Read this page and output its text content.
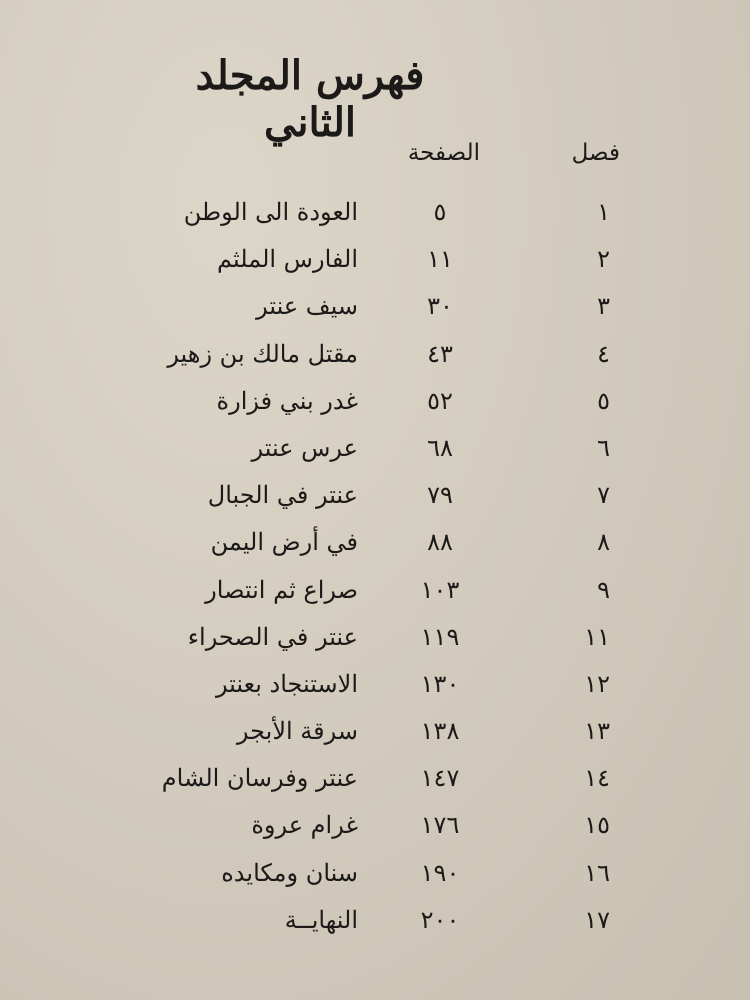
فهرس المجلد الثاني
فصل
الصفحة
١
٥
العودة الى الوطن
٢
١١
الفارس الملثم
٣
٣٠
سيف عنتر
٤
٤٣
مقتل مالك بن زهير
٥
٥٢
غدر بني فزارة
٦
٦٨
عرس عنتر
٧
٧٩
عنتر في الجبال
٨
٨٨
في أرض اليمن
٩
١٠٣
صراع ثم انتصار
١١
١١٩
عنتر في الصحراء
١٢
١٣٠
الاستنجاد بعنتر
١٣
١٣٨
سرقة الأبجر
١٤
١٤٧
عنتر وفرسان الشام
١٥
١٧٦
غرام عروة
١٦
١٩٠
سنان ومكايده
١٧
٢٠٠
النهايــة
